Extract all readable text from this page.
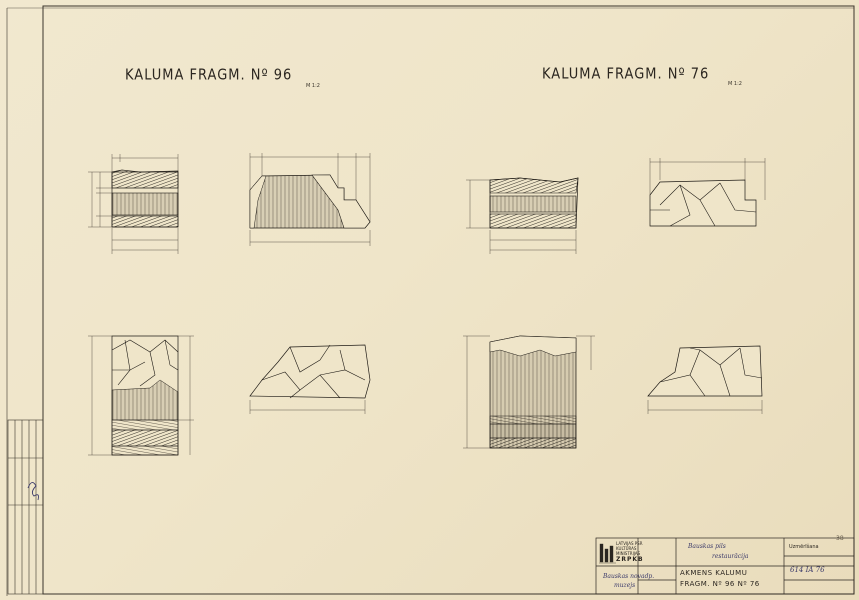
KALUMA FRAGM. Nº 96
M 1:2
KALUMA FRAGM. Nº 76
M 1:2
38
LATVIJAS PSR
KULTŪRAS
MINISTRIJAS
ZRPKB
Bauskas pils
restaurācija
Bauskas novadp.
muzejs
AKMENS KALUMU
FRAGM. Nº 96 Nº 76
Uzmērīšana
614 IA 76
